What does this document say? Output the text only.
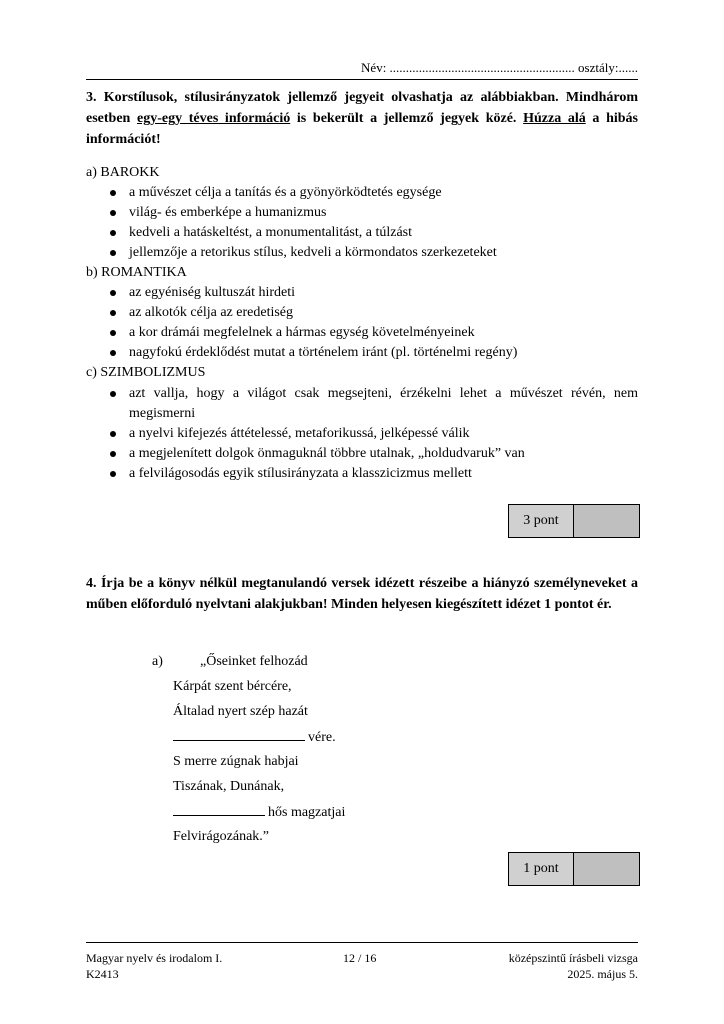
Név: ......................................................... osztály:......
3. Korstílusok, stílusirányzatok jellemző jegyeit olvashatja az alábbiakban. Mindhárom esetben egy-egy téves információ is bekerült a jellemző jegyek közé. Húzza alá a hibás információt!
a) BAROKK
a művészet célja a tanítás és a gyönyörködtetés egysége
világ- és emberképe a humanizmus
kedveli a hatáskeltést, a monumentalitást, a túlzást
jellemzője a retorikus stílus, kedveli a körmondatos szerkezeteket
b) ROMANTIKA
az egyéniség kultuszát hirdeti
az alkotók célja az eredetiség
a kor drámái megfelelnek a hármas egység követelményeinek
nagyfokú érdeklődést mutat a történelem iránt (pl. történelmi regény)
c) SZIMBOLIZMUS
azt vallja, hogy a világot csak megsejteni, érzékelni lehet a művészet révén, nem megismerni
a nyelvi kifejezés áttételessé, metaforikussá, jelképessé válik
a megjelenített dolgok önmaguknál többre utalnak, „holdudvaruk” van
a felvilágosodás egyik stílusirányzata a klasszicizmus mellett
3 pont
4. Írja be a könyv nélkül megtanulandó versek idézett részeibe a hiányzó személyneveket a műben előforduló nyelvtani alakjukban! Minden helyesen kiegészített idézet 1 pontot ér.
a)	„Őseinket felhozád
Kárpát szent bércére,
Általad nyert szép hazát
vére.
S merre zúgnak habjai
Tiszának, Dunának,
hős magzatjai
Felvirágozának.”
1 pont
Magyar nyelv és irodalom I.
K2413
12 / 16	középszintű írásbeli vizsga
2025. május 5.
